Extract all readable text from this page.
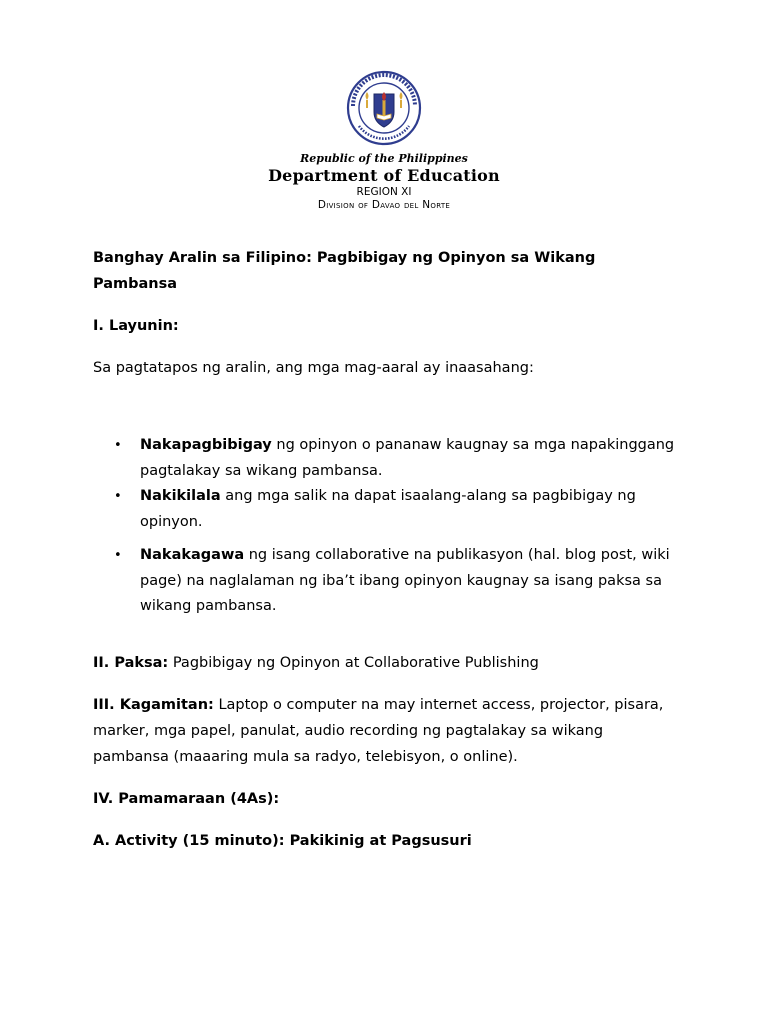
Republic of the Philippines
Department of Education
REGION XI
Division of Davao del Norte

Banghay Aralin sa Filipino: Pagbibigay ng Opinyon sa Wikang Pambansa

I. Layunin:

Sa pagtatapos ng aralin, ang mga mag-aaral ay inaasahang:

• Nakapagbibigay ng opinyon o pananaw kaugnay sa mga napakinggang pagtalakay sa wikang pambansa.
• Nakikilala ang mga salik na dapat isaalang-alang sa pagbibigay ng opinyon.
• Nakakagawa ng isang collaborative na publikasyon (hal. blog post, wiki page) na naglalaman ng iba’t ibang opinyon kaugnay sa isang paksa sa wikang pambansa.

II. Paksa: Pagbibigay ng Opinyon at Collaborative Publishing

III. Kagamitan: Laptop o computer na may internet access, projector, pisara, marker, mga papel, panulat, audio recording ng pagtalakay sa wikang pambansa (maaaring mula sa radyo, telebisyon, o online).

IV. Pamamaraan (4As):

A. Activity (15 minuto): Pakikinig at Pagsusuri
